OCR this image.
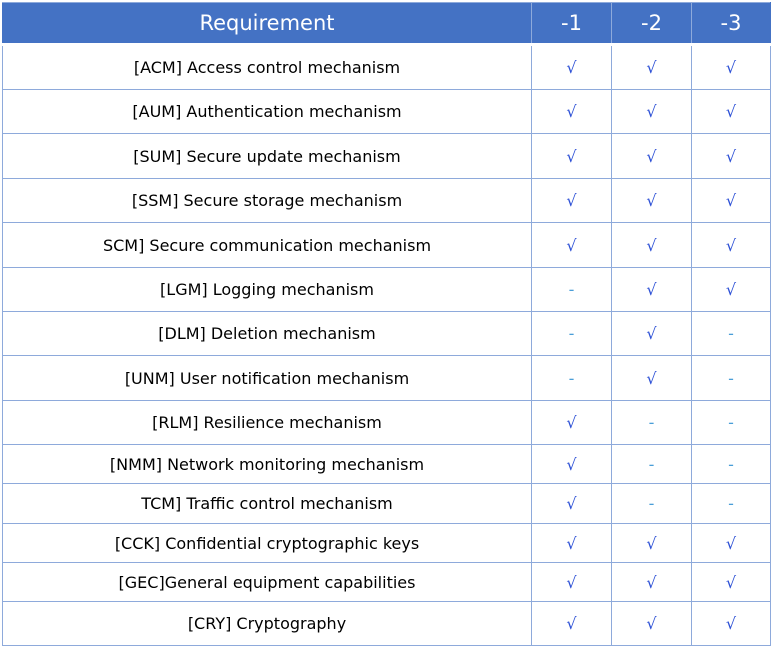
Requirement	-1	-2	-3
[ACM] Access control mechanism	√	√	√
[AUM] Authentication mechanism	√	√	√
[SUM] Secure update mechanism	√	√	√
[SSM] Secure storage mechanism	√	√	√
SCM] Secure communication mechanism	√	√	√
[LGM] Logging mechanism	-	√	√
[DLM] Deletion mechanism	-	√	-
[UNM] User notification mechanism	-	√	-
[RLM] Resilience mechanism	√	-	-
[NMM] Network monitoring mechanism	√	-	-
TCM] Traffic control mechanism	√	-	-
[CCK] Confidential cryptographic keys	√	√	√
[GEC]General equipment capabilities	√	√	√
[CRY] Cryptography	√	√	√
